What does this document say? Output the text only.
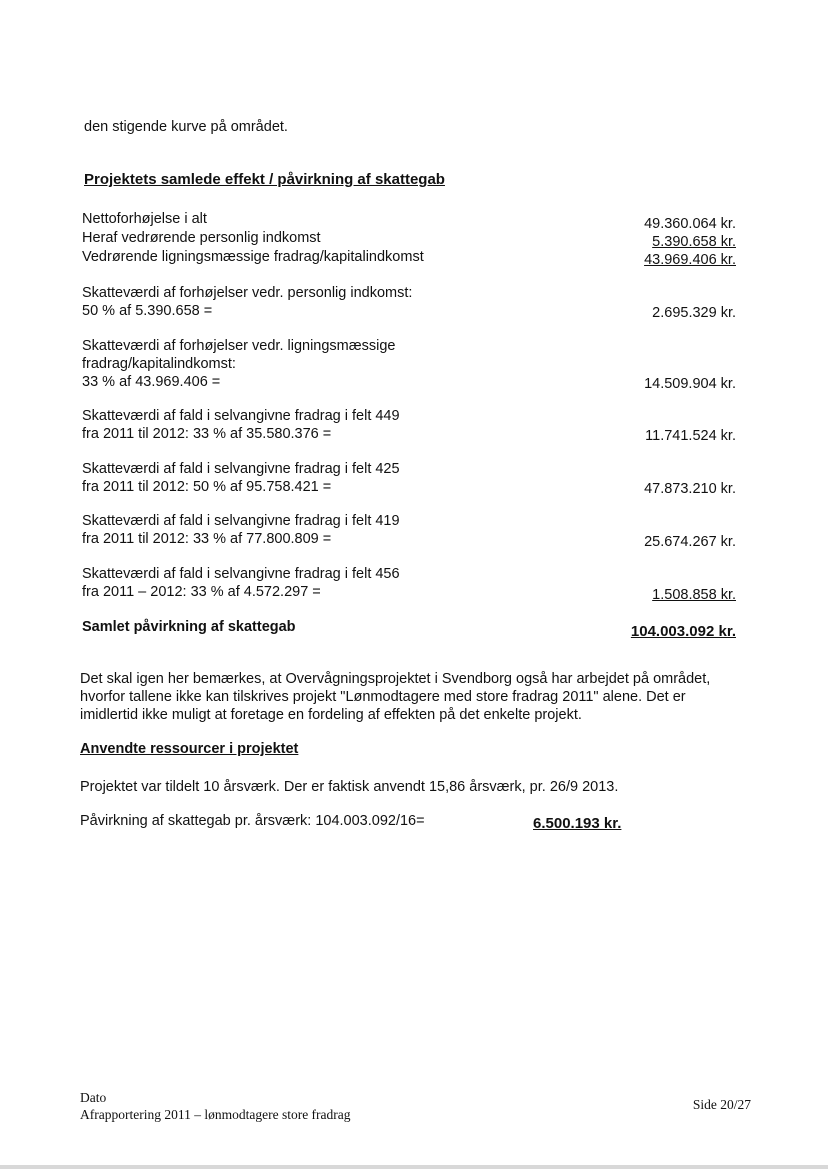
den stigende kurve på området.
Projektets samlede effekt / påvirkning af skattegab
Nettoforhøjelse i alt	49.360.064 kr.
Heraf vedrørende personlig indkomst	5.390.658 kr.
Vedrørende ligningsmæssige fradrag/kapitalindkomst	43.969.406 kr.
Skatteværdi af forhøjelser vedr. personlig indkomst:
50 % af 5.390.658 =	2.695.329 kr.
Skatteværdi af forhøjelser vedr. ligningsmæssige
fradrag/kapitalindkomst:
33 % af 43.969.406 =	14.509.904 kr.
Skatteværdi af fald i selvangivne fradrag i felt 449
fra 2011 til 2012: 33 % af 35.580.376 =	11.741.524 kr.
Skatteværdi af fald i selvangivne fradrag i felt 425
fra 2011 til 2012: 50 % af 95.758.421 =	47.873.210 kr.
Skatteværdi af fald i selvangivne fradrag i felt 419
fra 2011 til 2012: 33 % af 77.800.809 =	25.674.267 kr.
Skatteværdi af fald i selvangivne fradrag i felt 456
fra 2011 – 2012: 33 % af 4.572.297 =	1.508.858 kr.
Samlet påvirkning af skattegab	104.003.092 kr.
Det skal igen her bemærkes, at Overvågningsprojektet i Svendborg også har arbejdet på området,
hvorfor tallene ikke kan tilskrives projekt "Lønmodtagere med store fradrag 2011" alene. Det er
imidlertid ikke muligt at foretage en fordeling af effekten på det enkelte projekt.
Anvendte ressourcer i projektet
Projektet var tildelt 10 årsværk. Der er faktisk anvendt 15,86 årsværk, pr. 26/9 2013.
Påvirkning af skattegab pr. årsværk: 104.003.092/16=	6.500.193 kr.
Dato
Afrapportering 2011 – lønmodtagere store fradrag
Side 20/27
